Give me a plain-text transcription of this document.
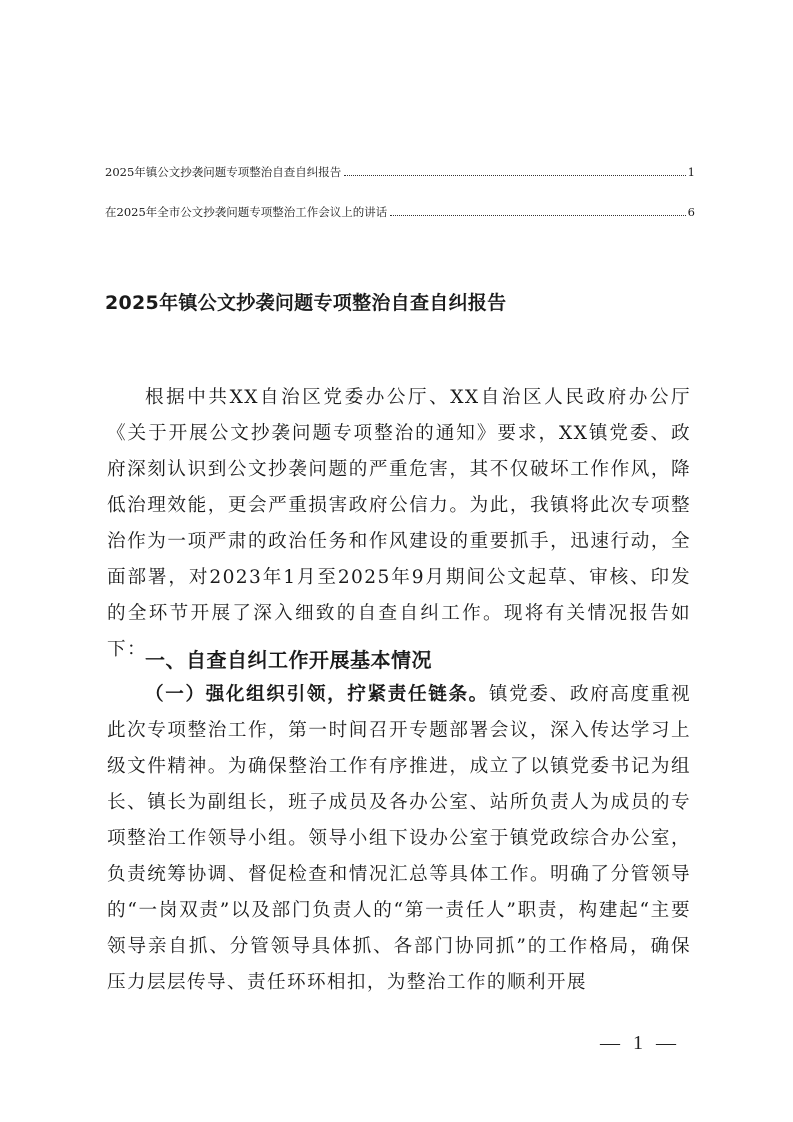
2025年镇公文抄袭问题专项整治自查自纠报告	1
在2025年全市公文抄袭问题专项整治工作会议上的讲话	6
2025年镇公文抄袭问题专项整治自查自纠报告

根据中共XX自治区党委办公厅、XX自治区人民政府办公厅《关于开展公文抄袭问题专项整治的通知》要求，XX镇党委、政府深刻认识到公文抄袭问题的严重危害，其不仅破坏工作作风，降低治理效能，更会严重损害政府公信力。为此，我镇将此次专项整治作为一项严肃的政治任务和作风建设的重要抓手，迅速行动，全面部署，对2023年1月至2025年9月期间公文起草、审核、印发的全环节开展了深入细致的自查自纠工作。现将有关情况报告如下：

一、自查自纠工作开展基本情况

（一）强化组织引领，拧紧责任链条。镇党委、政府高度重视此次专项整治工作，第一时间召开专题部署会议，深入传达学习上级文件精神。为确保整治工作有序推进，成立了以镇党委书记为组长、镇长为副组长，班子成员及各办公室、站所负责人为成员的专项整治工作领导小组。领导小组下设办公室于镇党政综合办公室，负责统筹协调、督促检查和情况汇总等具体工作。明确了分管领导的“一岗双责”以及部门负责人的“第一责任人”职责，构建起“主要领导亲自抓、分管领导具体抓、各部门协同抓”的工作格局，确保压力层层传导、责任环环相扣，为整治工作的顺利开展

— 1 —
